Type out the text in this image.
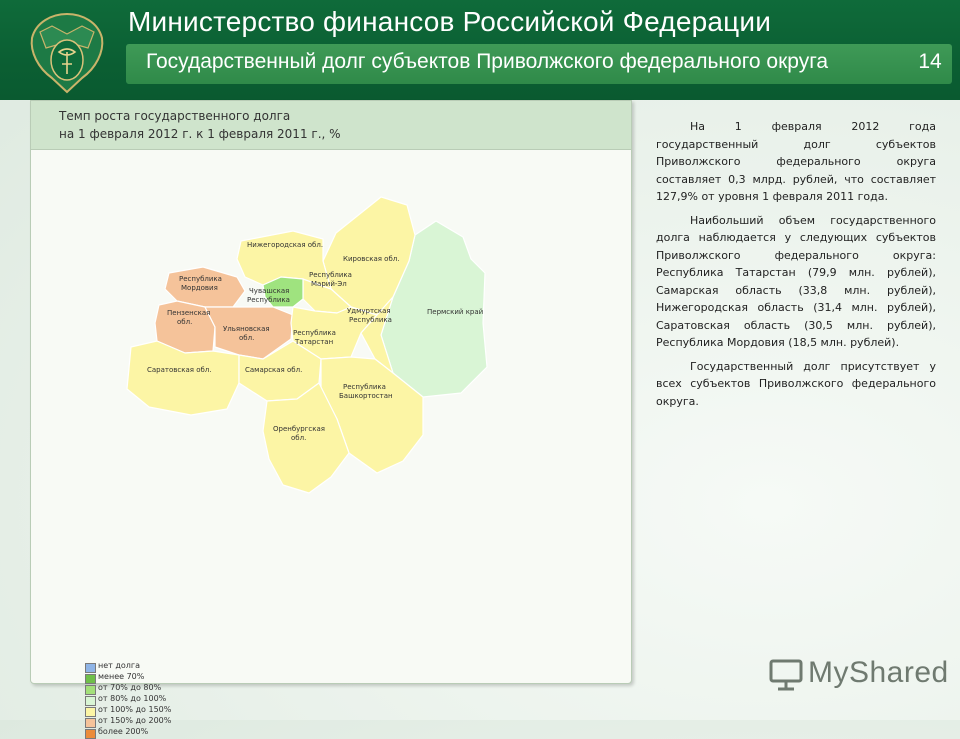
Министерство финансов Российской Федерации
Государственный долг субъектов Приволжского федерального округа	14
Темп роста государственного долга
на 1 февраля 2012 г. к 1 февраля 2011 г., %
Нижегородская обл.
Кировская обл.
Республика Марий-Эл
Чувашская Республика
Республика Мордовия
Пензенская обл.
Ульяновская обл.
Республика Татарстан
Удмуртская Республика
Пермский край
Саратовская обл.	Самарская обл.
Республика Башкортостан
Оренбургская обл.
нет долга
менее 70%
от 70% до 80%
от 80% до 100%
от 100% до 150%
от 150% до 200%
более 200%

На 1 февраля 2012 года государственный долг субъектов Приволжского федерального округа составляет 0,3 млрд. рублей, что составляет 127,9% от уровня 1 февраля 2011 года.

Наибольший объем государственного долга наблюдается у следующих субъектов Приволжского федерального округа: Республика Татарстан (79,9 млн. рублей), Самарская область (33,8 млн. рублей), Нижегородская область (31,4 млн. рублей), Саратовская область (30,5 млн. рублей), Республика Мордовия (18,5 млн. рублей).

Государственный долг присутствует у всех субъектов Приволжского федерального округа.

MyShared
